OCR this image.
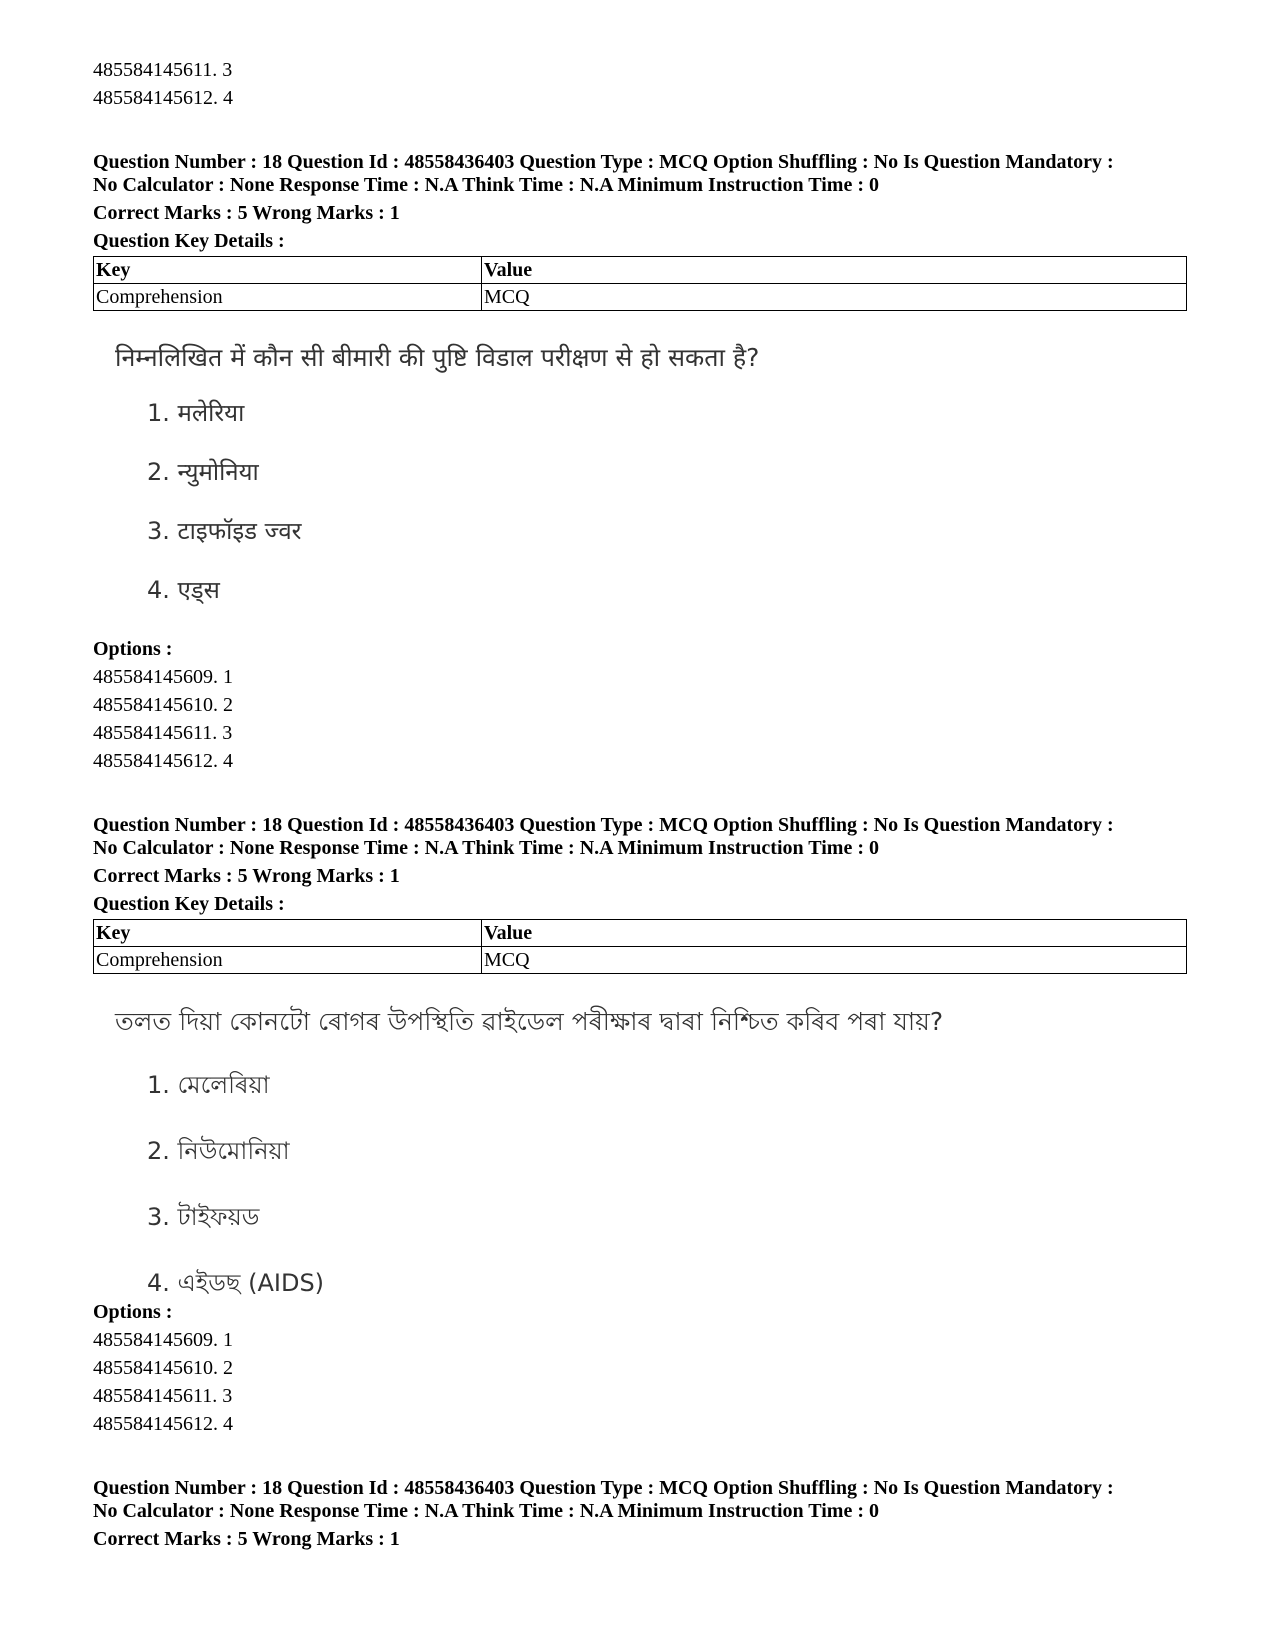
485584145611. 3
485584145612. 4
Question Number : 18 Question Id : 48558436403 Question Type : MCQ Option Shuffling : No Is Question Mandatory :
No Calculator : None Response Time : N.A Think Time : N.A Minimum Instruction Time : 0
Correct Marks : 5 Wrong Marks : 1
Question Key Details :
Key	Value
Comprehension	MCQ
निम्नलिखित में कौन सी बीमारी की पुष्टि विडाल परीक्षण से हो सकता है?
1. मलेरिया
2. न्युमोनिया
3. टाइफॉइड ज्वर
4. एड्स
Options :
485584145609. 1
485584145610. 2
485584145611. 3
485584145612. 4
Question Number : 18 Question Id : 48558436403 Question Type : MCQ Option Shuffling : No Is Question Mandatory :
No Calculator : None Response Time : N.A Think Time : N.A Minimum Instruction Time : 0
Correct Marks : 5 Wrong Marks : 1
Question Key Details :
Key	Value
Comprehension	MCQ
তলত দিয়া কোনটো ৰোগৰ উপস্থিতি ৱাইডেল পৰীক্ষাৰ দ্বাৰা নিশ্চিত কৰিব পৰা যায়?
1. মেলেৰিয়া
2. নিউমোনিয়া
3. টাইফয়ড
4. এইডছ (AIDS)
Options :
485584145609. 1
485584145610. 2
485584145611. 3
485584145612. 4
Question Number : 18 Question Id : 48558436403 Question Type : MCQ Option Shuffling : No Is Question Mandatory :
No Calculator : None Response Time : N.A Think Time : N.A Minimum Instruction Time : 0
Correct Marks : 5 Wrong Marks : 1
